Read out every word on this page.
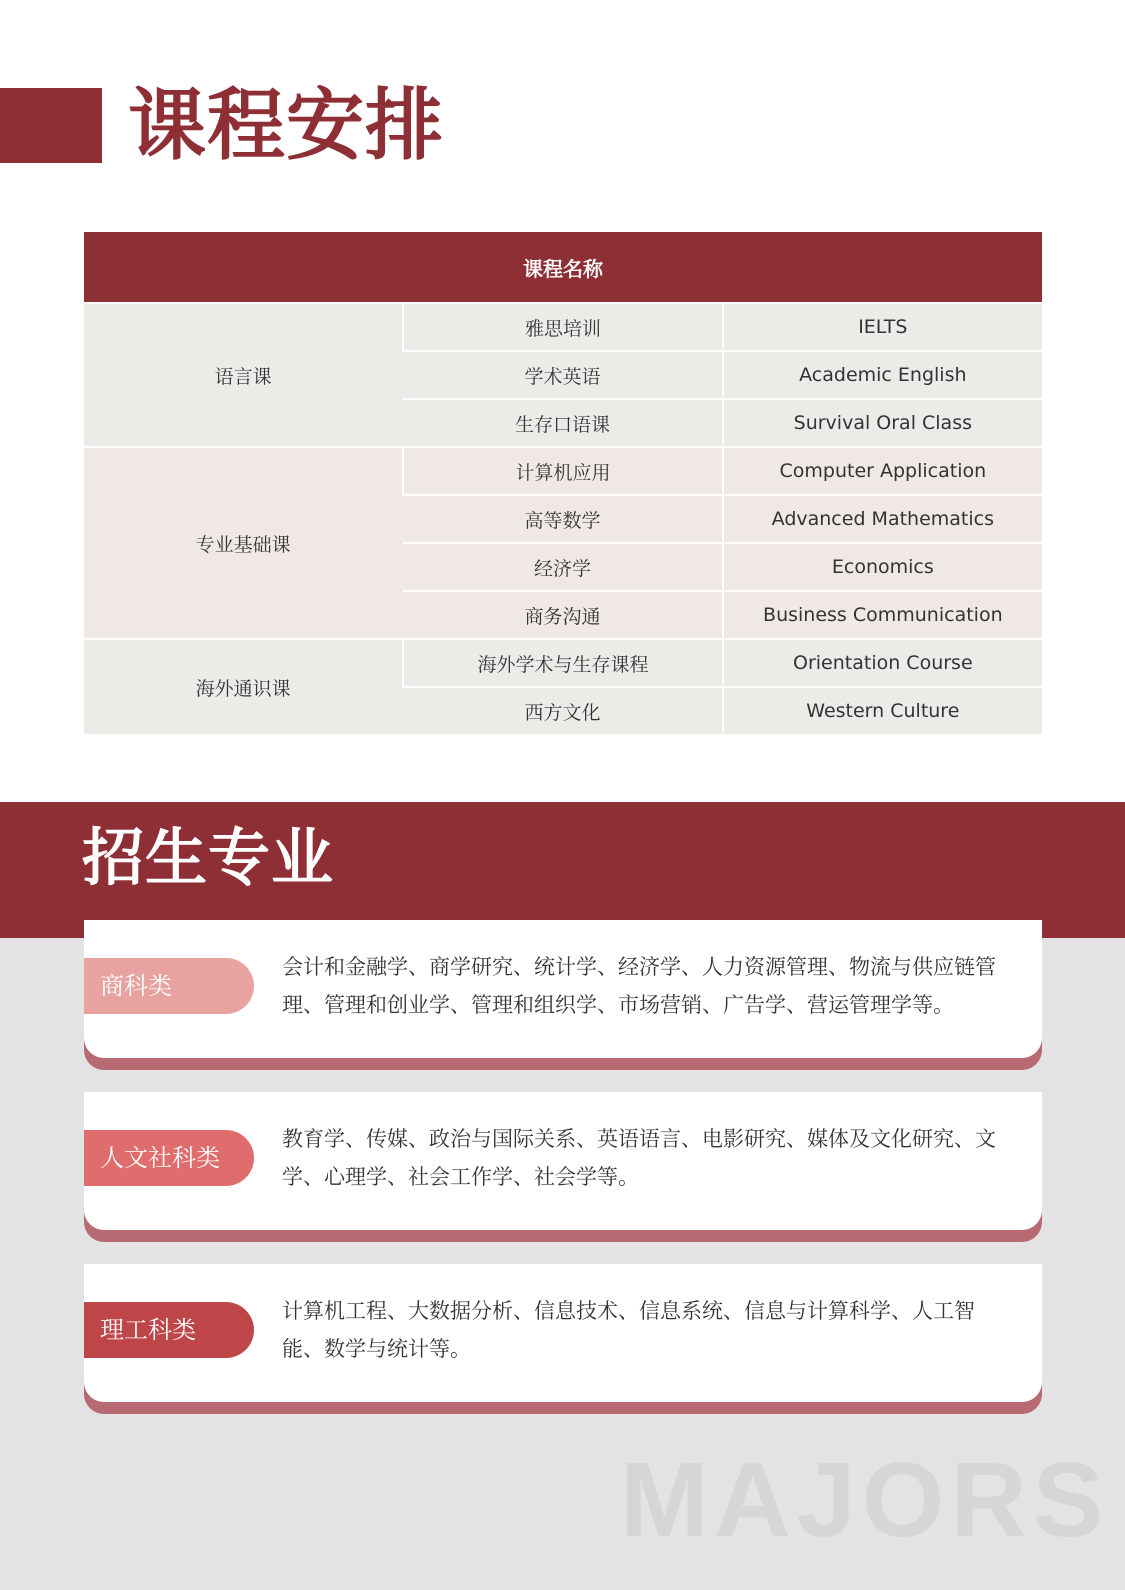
课程安排
课程名称		
语言课	雅思培训	IELTS
	学术英语	Academic English
	生存口语课	Survival Oral Class
专业基础课	计算机应用	Computer Application
	高等数学	Advanced Mathematics
	经济学	Economics
	商务沟通	Business Communication
海外通识课	海外学术与生存课程	Orientation Course
	西方文化	Western Culture
招生专业
MAJORS
商科类

会计和金融学、商学研究、统计学、经济学、人力资源管理、物流与供应链管理、管理和创业学、管理和组织学、市场营销、广告学、营运管理学等。

人文社科类

教育学、传媒、政治与国际关系、英语语言、电影研究、媒体及文化研究、文学、心理学、社会工作学、社会学等。

理工科类

计算机工程、大数据分析、信息技术、信息系统、信息与计算科学、人工智能、数学与统计等。
